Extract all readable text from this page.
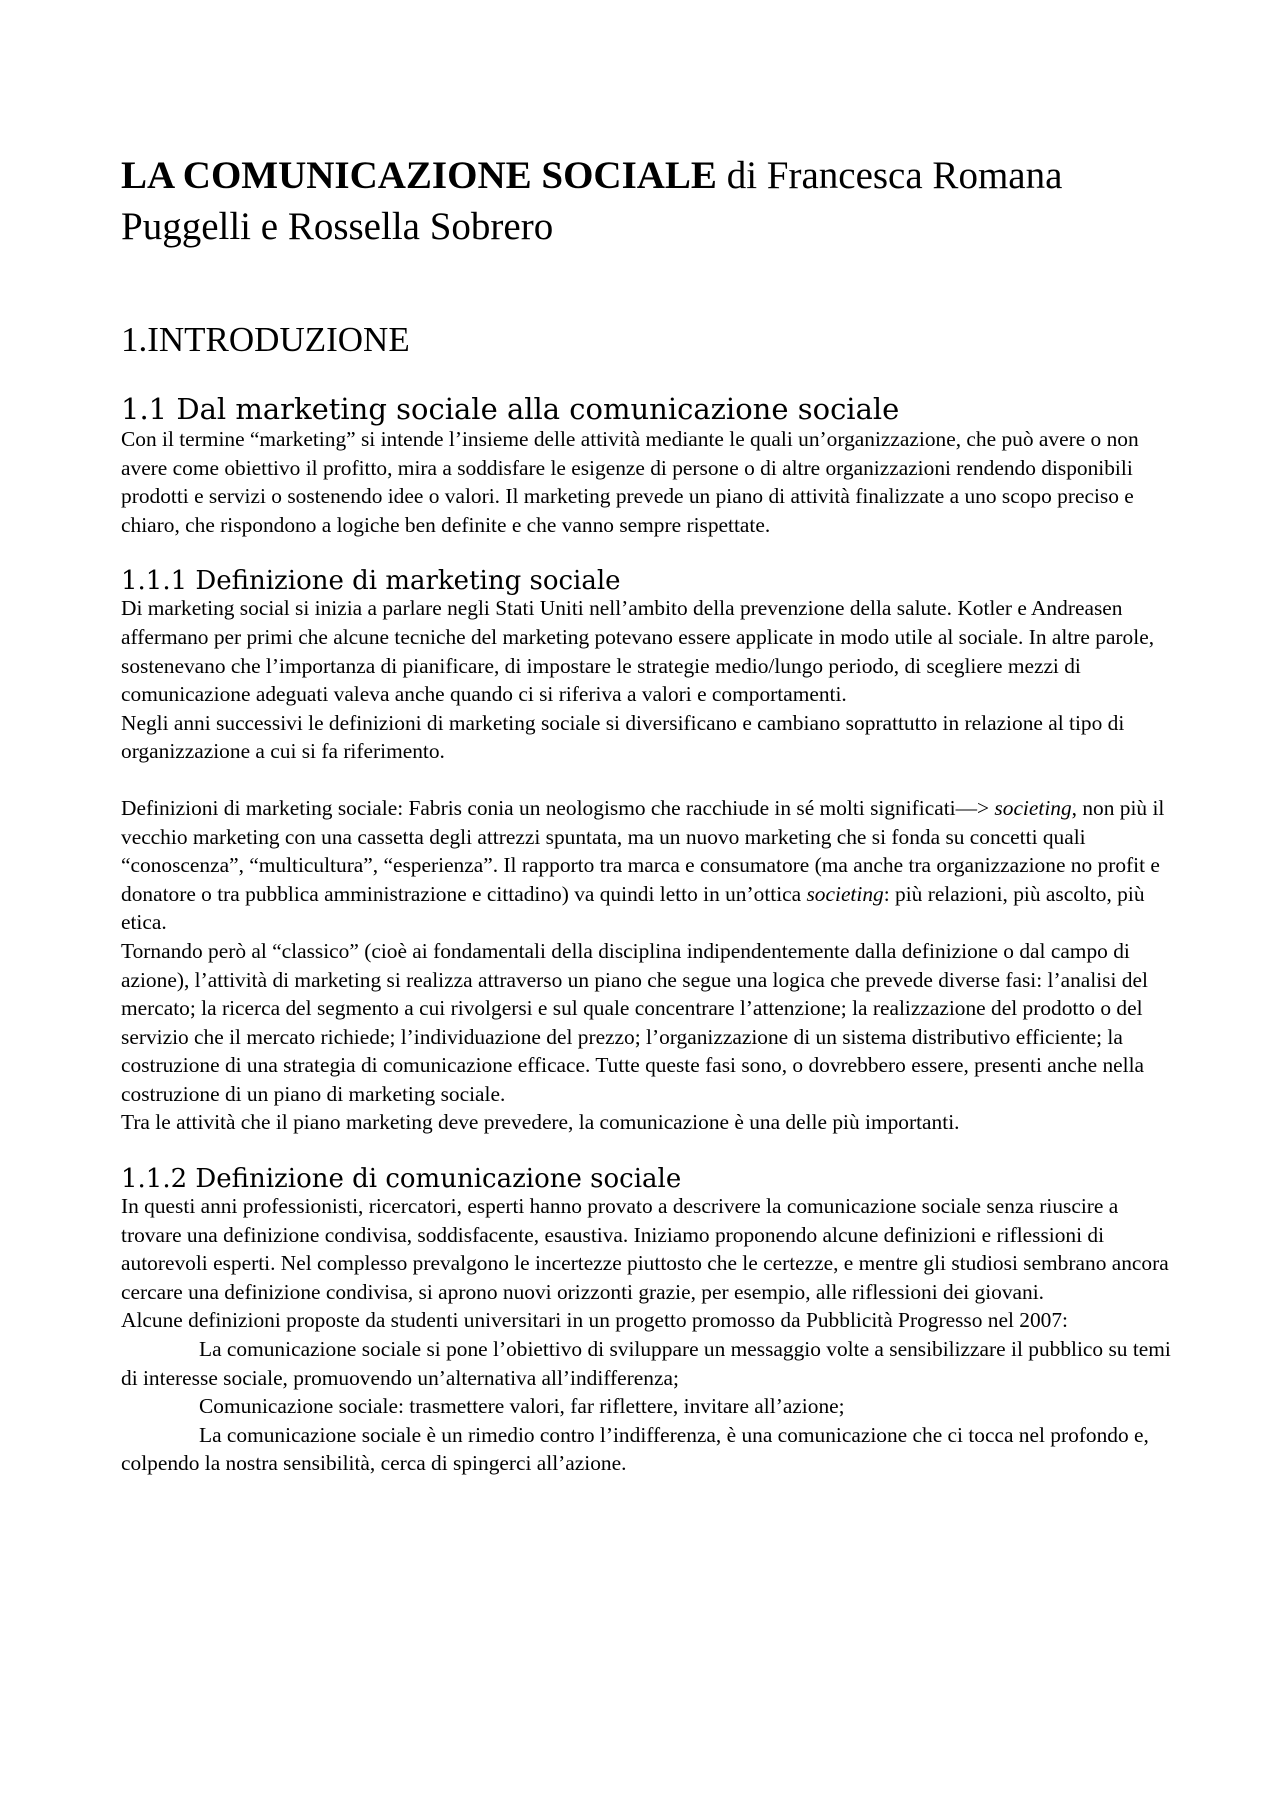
LA COMUNICAZIONE SOCIALE di Francesca Romana Puggelli e Rossella Sobrero
1.INTRODUZIONE
1.1 Dal marketing sociale alla comunicazione sociale

Con il termine “marketing” si intende l’insieme delle attività mediante le quali un’organizzazione, che può avere o non avere come obiettivo il profitto, mira a soddisfare le esigenze di persone o di altre organizzazioni rendendo disponibili prodotti e servizi o sostenendo idee o valori. Il marketing prevede un piano di attività finalizzate a uno scopo preciso e chiaro, che rispondono a logiche ben definite e che vanno sempre rispettate.

1.1.1 Definizione di marketing sociale

Di marketing social si inizia a parlare negli Stati Uniti nell’ambito della prevenzione della salute. Kotler e Andreasen affermano per primi che alcune tecniche del marketing potevano essere applicate in modo utile al sociale. In altre parole, sostenevano che l’importanza di pianificare, di impostare le strategie medio/lungo periodo, di scegliere mezzi di comunicazione adeguati valeva anche quando ci si riferiva a valori e comportamenti.

Negli anni successivi le definizioni di marketing sociale si diversificano e cambiano soprattutto in relazione al tipo di organizzazione a cui si fa riferimento.

Definizioni di marketing sociale: Fabris conia un neologismo che racchiude in sé molti significati—> societing, non più il vecchio marketing con una cassetta degli attrezzi spuntata, ma un nuovo marketing che si fonda su concetti quali “conoscenza”, “multicultura”, “esperienza”. Il rapporto tra marca e consumatore (ma anche tra organizzazione no profit e donatore o tra pubblica amministrazione e cittadino) va quindi letto in un’ottica societing: più relazioni, più ascolto, più etica.

Tornando però al “classico” (cioè ai fondamentali della disciplina indipendentemente dalla definizione o dal campo di azione), l’attività di marketing si realizza attraverso un piano che segue una logica che prevede diverse fasi: l’analisi del mercato; la ricerca del segmento a cui rivolgersi e sul quale concentrare l’attenzione; la realizzazione del prodotto o del servizio che il mercato richiede; l’individuazione del prezzo; l’organizzazione di un sistema distributivo efficiente; la costruzione di una strategia di comunicazione efficace. Tutte queste fasi sono, o dovrebbero essere, presenti anche nella costruzione di un piano di marketing sociale.

Tra le attività che il piano marketing deve prevedere, la comunicazione è una delle più importanti.

1.1.2 Definizione di comunicazione sociale

In questi anni professionisti, ricercatori, esperti hanno provato a descrivere la comunicazione sociale senza riuscire a trovare una definizione condivisa, soddisfacente, esaustiva. Iniziamo proponendo alcune definizioni e riflessioni di autorevoli esperti. Nel complesso prevalgono le incertezze piuttosto che le certezze, e mentre gli studiosi sembrano ancora cercare una definizione condivisa, si aprono nuovi orizzonti grazie, per esempio, alle riflessioni dei giovani.

Alcune definizioni proposte da studenti universitari in un progetto promosso da Pubblicità Progresso nel 2007:

La comunicazione sociale si pone l’obiettivo di sviluppare un messaggio volte a sensibilizzare il pubblico su temi di interesse sociale, promuovendo un’alternativa all’indifferenza;

Comunicazione sociale: trasmettere valori, far riflettere, invitare all’azione;

La comunicazione sociale è un rimedio contro l’indifferenza, è una comunicazione che ci tocca nel profondo e, colpendo la nostra sensibilità, cerca di spingerci all’azione.
